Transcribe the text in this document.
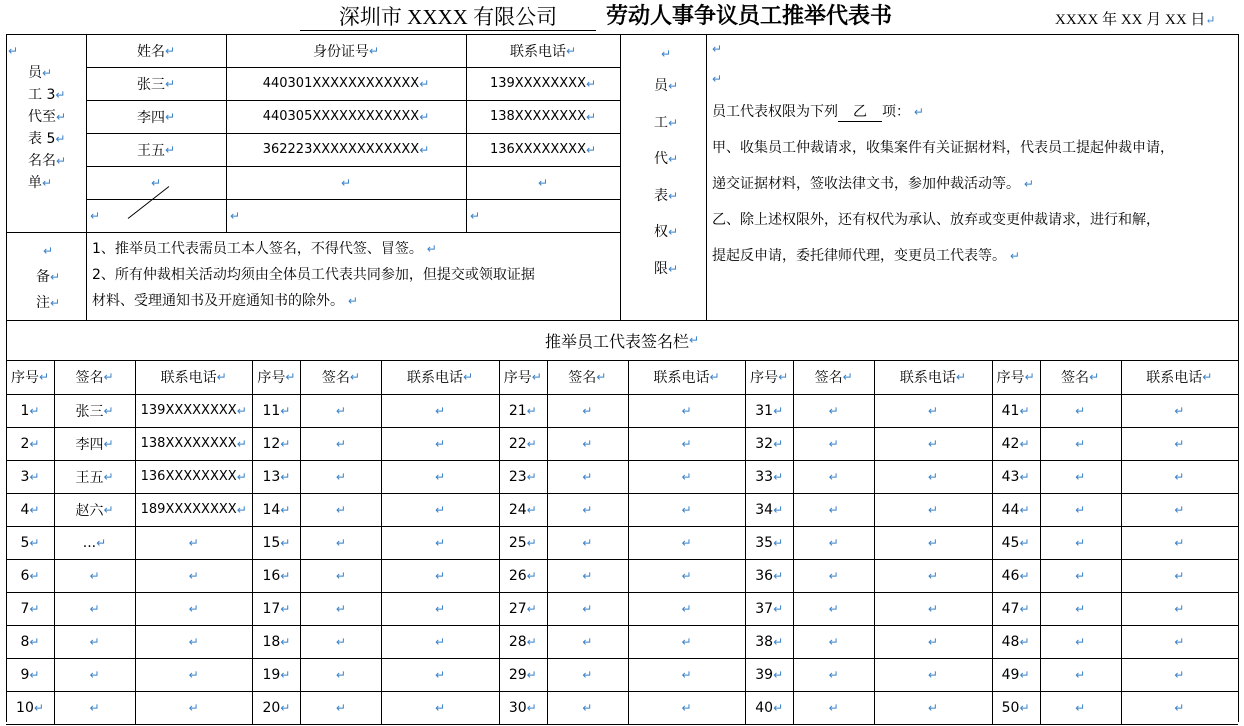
深圳市 XXXX 有限公司	劳动人事争议员工推举代表书	XXXX 年 XX 月 XX 日↵
↵
员↵
工 3↵
代至↵
表 5↵
名名↵
单↵
姓名 ↵	身份证号 ↵	联系电话 ↵
张三 ↵	440301XXXXXXXXXXXX ↵	139XXXXXXXX ↵
李四 ↵	440305XXXXXXXXXXXX ↵	138XXXXXXXX ↵
王五 ↵	362223XXXXXXXXXXXX ↵	136XXXXXXXX ↵
↵	↵	↵
↵	↵	↵
↵
备↵
注↵
1、推举员工代表需员工本人签名，不得代签、冒签。 ↵
2、所有仲裁相关活动均须由全体员工代表共同参加，但提交或领取证据
材料、受理通知书及开庭通知书的除外。 ↵
↵
员↵
工↵
代↵
表↵
权↵
限↵
↵
↵
员工代表权限为下列 乙 项： ↵
甲、收集员工仲裁请求，收集案件有关证据材料，代表员工提起仲裁申请，
递交证据材料，签收法律文书，参加仲裁活动等。 ↵
乙、除上述权限外，还有权代为承认、放弃或变更仲裁请求，进行和解，
提起反申请，委托律师代理，变更员工代表等。 ↵
推举员工代表签名栏 ↵
序号 ↵ 签名 ↵	联系电话 ↵ 序号 ↵ 签名 ↵	联系电话 ↵ 序号 ↵ 签名 ↵	联系电话 ↵ 序号 ↵ 签名 ↵	联系电话 ↵ 序号 ↵ 签名 ↵	联系电话 ↵
1 ↵	张三 ↵ 139XXXXXXXX ↵ 11 ↵	↵	↵	21 ↵	↵	↵	31 ↵	↵	↵	41 ↵	↵	↵
2 ↵	李四 ↵ 138XXXXXXXX ↵ 12 ↵	↵	↵	22 ↵	↵	↵	32 ↵	↵	↵	42 ↵	↵	↵
3 ↵	王五 ↵ 136XXXXXXXX ↵ 13 ↵	↵	↵	23 ↵	↵	↵	33 ↵	↵	↵	43 ↵	↵	↵
4 ↵	赵六 ↵ 189XXXXXXXX ↵ 14 ↵	↵	↵	24 ↵	↵	↵	34 ↵	↵	↵	44 ↵	↵	↵
5 ↵	... ↵	↵	15 ↵	↵	↵	25 ↵	↵	↵	35 ↵	↵	↵	45 ↵	↵	↵
6 ↵	↵	↵	16 ↵	↵	↵	26 ↵	↵	↵	36 ↵	↵	↵	46 ↵	↵	↵
7 ↵	↵	↵	17 ↵	↵	↵	27 ↵	↵	↵	37 ↵	↵	↵	47 ↵	↵	↵
8 ↵	↵	↵	18 ↵	↵	↵	28 ↵	↵	↵	38 ↵	↵	↵	48 ↵	↵	↵
9 ↵	↵	↵	19 ↵	↵	↵	29 ↵	↵	↵	39 ↵	↵	↵	49 ↵	↵	↵
10 ↵	↵	↵	20 ↵	↵	↵	30 ↵	↵	↵	40 ↵	↵	↵	50 ↵	↵	↵
